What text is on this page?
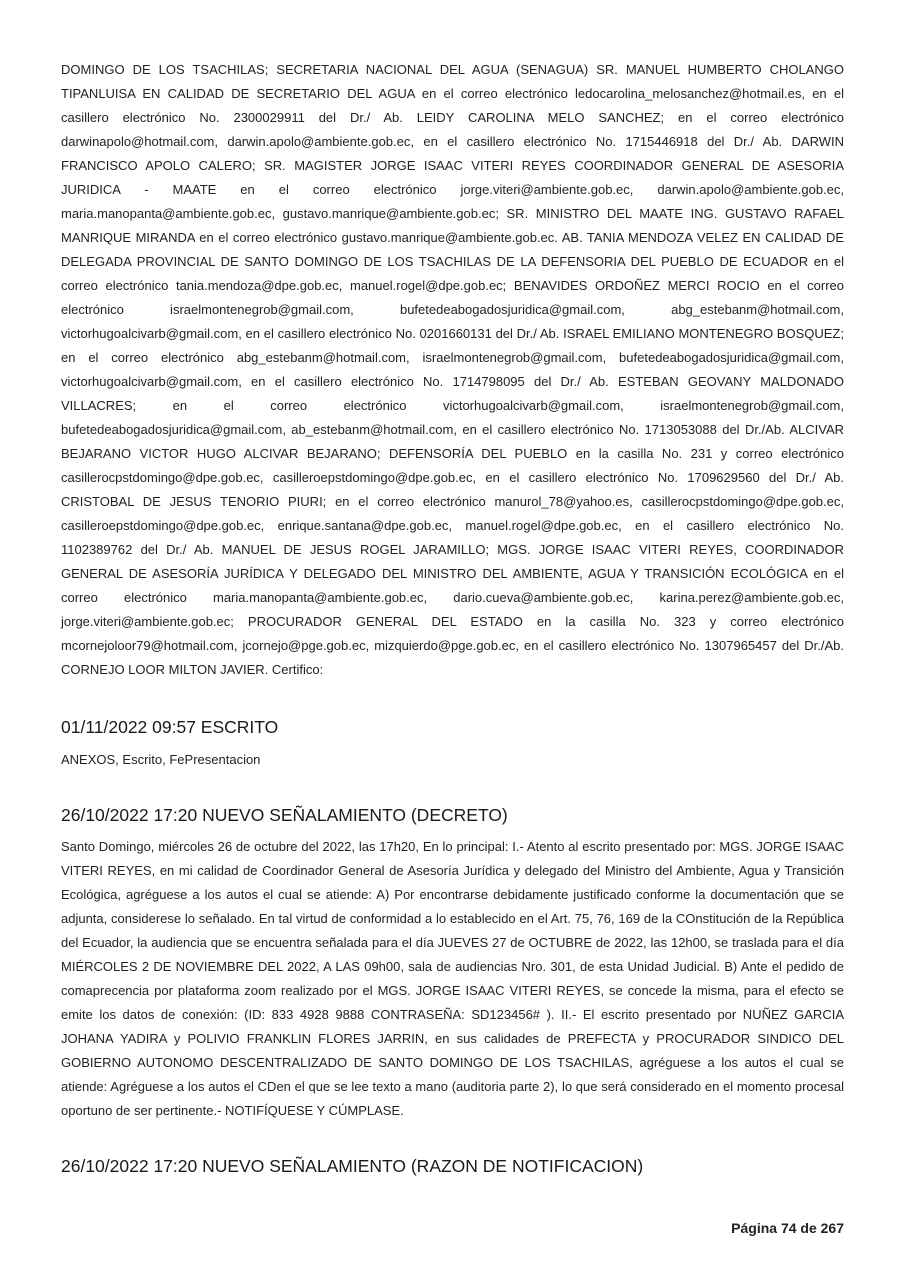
DOMINGO DE LOS TSACHILAS; SECRETARIA NACIONAL DEL AGUA (SENAGUA) SR. MANUEL HUMBERTO CHOLANGO TIPANLUISA EN CALIDAD DE SECRETARIO DEL AGUA en el correo electrónico ledocarolina_melosanchez@hotmail.es, en el casillero electrónico No. 2300029911 del Dr./ Ab. LEIDY CAROLINA MELO SANCHEZ; en el correo electrónico darwinapolo@hotmail.com, darwin.apolo@ambiente.gob.ec, en el casillero electrónico No. 1715446918 del Dr./ Ab. DARWIN FRANCISCO APOLO CALERO; SR. MAGISTER JORGE ISAAC VITERI REYES COORDINADOR GENERAL DE ASESORIA JURIDICA - MAATE en el correo electrónico jorge.viteri@ambiente.gob.ec, darwin.apolo@ambiente.gob.ec, maria.manopanta@ambiente.gob.ec, gustavo.manrique@ambiente.gob.ec; SR. MINISTRO DEL MAATE ING. GUSTAVO RAFAEL MANRIQUE MIRANDA en el correo electrónico gustavo.manrique@ambiente.gob.ec. AB. TANIA MENDOZA VELEZ EN CALIDAD DE DELEGADA PROVINCIAL DE SANTO DOMINGO DE LOS TSACHILAS DE LA DEFENSORIA DEL PUEBLO DE ECUADOR en el correo electrónico tania.mendoza@dpe.gob.ec, manuel.rogel@dpe.gob.ec; BENAVIDES ORDOÑEZ MERCI ROCIO en el correo electrónico israelmontenegrob@gmail.com, bufetedeabogadosjuridica@gmail.com, abg_estebanm@hotmail.com, victorhugoalcivarb@gmail.com, en el casillero electrónico No. 0201660131 del Dr./ Ab. ISRAEL EMILIANO MONTENEGRO BOSQUEZ; en el correo electrónico abg_estebanm@hotmail.com, israelmontenegrob@gmail.com, bufetedeabogadosjuridica@gmail.com, victorhugoalcivarb@gmail.com, en el casillero electrónico No. 1714798095 del Dr./ Ab. ESTEBAN GEOVANY MALDONADO VILLACRES; en el correo electrónico victorhugoalcivarb@gmail.com, israelmontenegrob@gmail.com, bufetedeabogadosjuridica@gmail.com, ab_estebanm@hotmail.com, en el casillero electrónico No. 1713053088 del Dr./Ab. ALCIVAR BEJARANO VICTOR HUGO ALCIVAR BEJARANO; DEFENSORÍA DEL PUEBLO en la casilla No. 231 y correo electrónico casillerocpstdomingo@dpe.gob.ec, casilleroepstdomingo@dpe.gob.ec, en el casillero electrónico No. 1709629560 del Dr./ Ab. CRISTOBAL DE JESUS TENORIO PIURI; en el correo electrónico manurol_78@yahoo.es, casillerocpstdomingo@dpe.gob.ec, casilleroepstdomingo@dpe.gob.ec, enrique.santana@dpe.gob.ec, manuel.rogel@dpe.gob.ec, en el casillero electrónico No. 1102389762 del Dr./ Ab. MANUEL DE JESUS ROGEL JARAMILLO; MGS. JORGE ISAAC VITERI REYES, COORDINADOR GENERAL DE ASESORÍA JURÍDICA Y DELEGADO DEL MINISTRO DEL AMBIENTE, AGUA Y TRANSICIÓN ECOLÓGICA en el correo electrónico maria.manopanta@ambiente.gob.ec, dario.cueva@ambiente.gob.ec, karina.perez@ambiente.gob.ec, jorge.viteri@ambiente.gob.ec; PROCURADOR GENERAL DEL ESTADO en la casilla No. 323 y correo electrónico mcornejoloor79@hotmail.com, jcornejo@pge.gob.ec, mizquierdo@pge.gob.ec, en el casillero electrónico No. 1307965457 del Dr./Ab. CORNEJO LOOR MILTON JAVIER. Certifico:

01/11/2022 09:57 ESCRITO

ANEXOS, Escrito, FePresentacion

26/10/2022 17:20 NUEVO SEÑALAMIENTO (DECRETO)

Santo Domingo, miércoles 26 de octubre del 2022, las 17h20, En lo principal: I.- Atento al escrito presentado por: MGS. JORGE ISAAC VITERI REYES, en mi calidad de Coordinador General de Asesoría Jurídica y delegado del Ministro del Ambiente, Agua y Transición Ecológica, agréguese a los autos el cual se atiende: A) Por encontrarse debidamente justificado conforme la documentación que se adjunta, considerese lo señalado. En tal virtud de conformidad a lo establecido en el Art. 75, 76, 169 de la COnstitución de la República del Ecuador, la audiencia que se encuentra señalada para el día JUEVES 27 de OCTUBRE de 2022, las 12h00, se traslada para el día MIÉRCOLES 2 DE NOVIEMBRE DEL 2022, A LAS 09h00, sala de audiencias Nro. 301, de esta Unidad Judicial. B) Ante el pedido de comaprecencia por plataforma zoom realizado por el MGS. JORGE ISAAC VITERI REYES, se concede la misma, para el efecto se emite los datos de conexión: (ID: 833 4928 9888 CONTRASEÑA: SD123456# ). II.- El escrito presentado por NUÑEZ GARCIA JOHANA YADIRA y POLIVIO FRANKLIN FLORES JARRIN, en sus calidades de PREFECTA y PROCURADOR SINDICO DEL GOBIERNO AUTONOMO DESCENTRALIZADO DE SANTO DOMINGO DE LOS TSACHILAS, agréguese a los autos el cual se atiende: Agréguese a los autos el CDen el que se lee texto a mano (auditoria parte 2), lo que será considerado en el momento procesal oportuno de ser pertinente.- NOTIFÍQUESE Y CÚMPLASE.

26/10/2022 17:20 NUEVO SEÑALAMIENTO (RAZON DE NOTIFICACION)
Página 74 de 267
